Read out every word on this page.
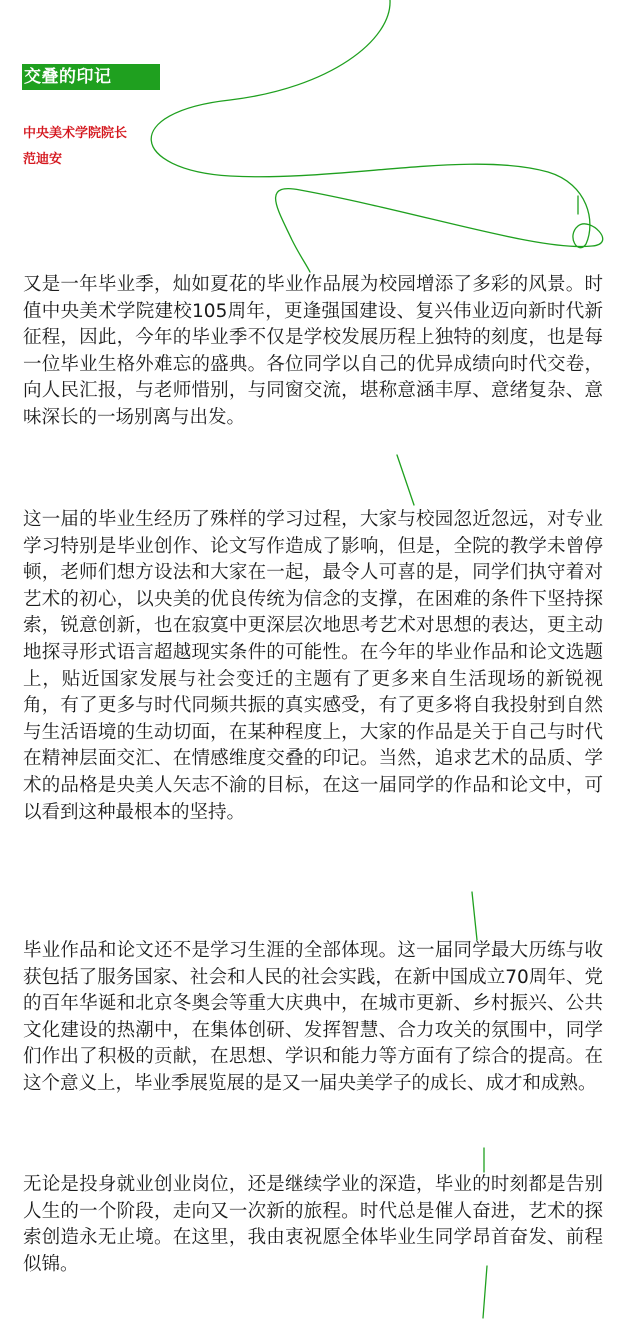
交叠的印记
中央美术学院院长
范迪安

又是一年毕业季，灿如夏花的毕业作品展为校园增添了多彩的风景。时值中央美术学院建校105周年，更逢强国建设、复兴伟业迈向新时代新征程，因此，今年的毕业季不仅是学校发展历程上独特的刻度，也是每一位毕业生格外难忘的盛典。各位同学以自己的优异成绩向时代交卷，向人民汇报，与老师惜别，与同窗交流，堪称意涵丰厚、意绪复杂、意味深长的一场别离与出发。

这一届的毕业生经历了殊样的学习过程，大家与校园忽近忽远，对专业学习特别是毕业创作、论文写作造成了影响，但是，全院的教学未曾停顿，老师们想方设法和大家在一起，最令人可喜的是，同学们执守着对艺术的初心，以央美的优良传统为信念的支撑，在困难的条件下坚持探索，锐意创新，也在寂寞中更深层次地思考艺术对思想的表达，更主动地探寻形式语言超越现实条件的可能性。在今年的毕业作品和论文选题上，贴近国家发展与社会变迁的主题有了更多来自生活现场的新锐视角，有了更多与时代同频共振的真实感受，有了更多将自我投射到自然与生活语境的生动切面，在某种程度上，大家的作品是关于自己与时代在精神层面交汇、在情感维度交叠的印记。当然，追求艺术的品质、学术的品格是央美人矢志不渝的目标，在这一届同学的作品和论文中，可以看到这种最根本的坚持。

毕业作品和论文还不是学习生涯的全部体现。这一届同学最大历练与收获包括了服务国家、社会和人民的社会实践，在新中国成立70周年、党的百年华诞和北京冬奥会等重大庆典中，在城市更新、乡村振兴、公共文化建设的热潮中，在集体创研、发挥智慧、合力攻关的氛围中，同学们作出了积极的贡献，在思想、学识和能力等方面有了综合的提高。在这个意义上，毕业季展览展的是又一届央美学子的成长、成才和成熟。

无论是投身就业创业岗位，还是继续学业的深造，毕业的时刻都是告别人生的一个阶段，走向又一次新的旅程。时代总是催人奋进，艺术的探索创造永无止境。在这里，我由衷祝愿全体毕业生同学昂首奋发、前程似锦。
